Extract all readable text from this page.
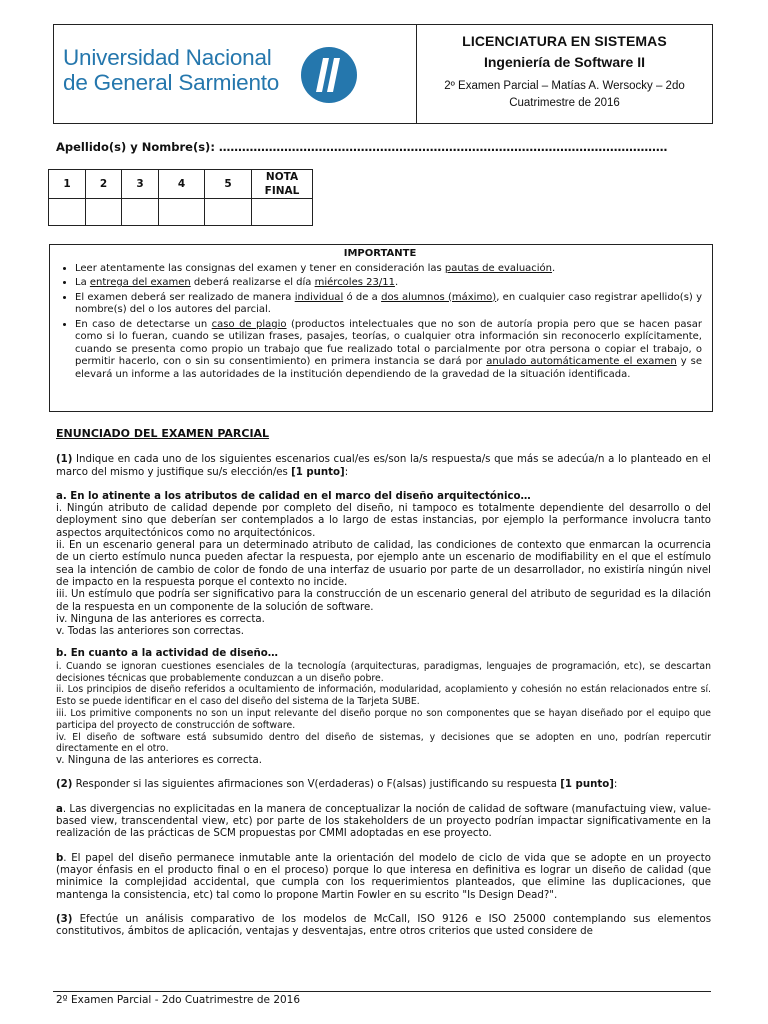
Universidad Nacional
de General Sarmiento
LICENCIATURA EN SISTEMAS
Ingeniería de Software II
2º Examen Parcial – Matías A. Wersocky – 2do
Cuatrimestre de 2016
Apellido(s) y Nombre(s): ………………………………………………………………………………………………………
1	2	3	4	5	NOTA
FINAL

IMPORTANTE
• Leer atentamente las consignas del examen y tener en consideración las pautas de evaluación.
• La entrega del examen deberá realizarse el día miércoles 23/11.
• El examen deberá ser realizado de manera individual ó de a dos alumnos (máximo), en cualquier caso registrar apellido(s) y nombre(s) del o los autores del parcial.
• En caso de detectarse un caso de plagio (productos intelectuales que no son de autoría propia pero que se hacen pasar como si lo fueran, cuando se utilizan frases, pasajes, teorías, o cualquier otra información sin reconocerlo explícitamente, cuando se presenta como propio un trabajo que fue realizado total o parcialmente por otra persona o copiar el trabajo, o permitir hacerlo, con o sin su consentimiento) en primera instancia se dará por anulado automáticamente el examen y se elevará un informe a las autoridades de la institución dependiendo de la gravedad de la situación identificada.
ENUNCIADO DEL EXAMEN PARCIAL

(1) Indique en cada uno de los siguientes escenarios cual/es es/son la/s respuesta/s que más se adecúa/n a lo planteado en el marco del mismo y justifique su/s elección/es [1 punto]:

a. En lo atinente a los atributos de calidad en el marco del diseño arquitectónico…

i. Ningún atributo de calidad depende por completo del diseño, ni tampoco es totalmente dependiente del desarrollo o del deployment sino que deberían ser contemplados a lo largo de estas instancias, por ejemplo la performance involucra tanto aspectos arquitectónicos como no arquitectónicos.

ii. En un escenario general para un determinado atributo de calidad, las condiciones de contexto que enmarcan la ocurrencia de un cierto estímulo nunca pueden afectar la respuesta, por ejemplo ante un escenario de modifiability en el que el estímulo sea la intención de cambio de color de fondo de una interfaz de usuario por parte de un desarrollador, no existiría ningún nivel de impacto en la respuesta porque el contexto no incide.

iii. Un estímulo que podría ser significativo para la construcción de un escenario general del atributo de seguridad es la dilación de la respuesta en un componente de la solución de software.

iv. Ninguna de las anteriores es correcta.

v. Todas las anteriores son correctas.

b. En cuanto a la actividad de diseño…

i. Cuando se ignoran cuestiones esenciales de la tecnología (arquitecturas, paradigmas, lenguajes de programación, etc), se descartan decisiones técnicas que probablemente conduzcan a un diseño pobre.

ii. Los principios de diseño referidos a ocultamiento de información, modularidad, acoplamiento y cohesión no están relacionados entre sí. Esto se puede identificar en el caso del diseño del sistema de la Tarjeta SUBE.

iii. Los primitive components no son un input relevante del diseño porque no son componentes que se hayan diseñado por el equipo que participa del proyecto de construcción de software.

iv. El diseño de software está subsumido dentro del diseño de sistemas, y decisiones que se adopten en uno, podrían repercutir directamente en el otro.

v. Ninguna de las anteriores es correcta.

(2) Responder si las siguientes afirmaciones son V(erdaderas) o F(alsas) justificando su respuesta [1 punto]:

a. Las divergencias no explicitadas en la manera de conceptualizar la noción de calidad de software (manufactuing view, value-based view, transcendental view, etc) por parte de los stakeholders de un proyecto podrían impactar significativamente en la realización de las prácticas de SCM propuestas por CMMI adoptadas en ese proyecto.

b. El papel del diseño permanece inmutable ante la orientación del modelo de ciclo de vida que se adopte en un proyecto (mayor énfasis en el producto final o en el proceso) porque lo que interesa en definitiva es lograr un diseño de calidad (que minimice la complejidad accidental, que cumpla con los requerimientos planteados, que elimine las duplicaciones, que mantenga la consistencia, etc) tal como lo propone Martin Fowler en su escrito "Is Design Dead?".

(3) Efectúe un análisis comparativo de los modelos de McCall, ISO 9126 e ISO 25000 contemplando sus elementos constitutivos, ámbitos de aplicación, ventajas y desventajas, entre otros criterios que usted considere de

2º Examen Parcial - 2do Cuatrimestre de 2016
